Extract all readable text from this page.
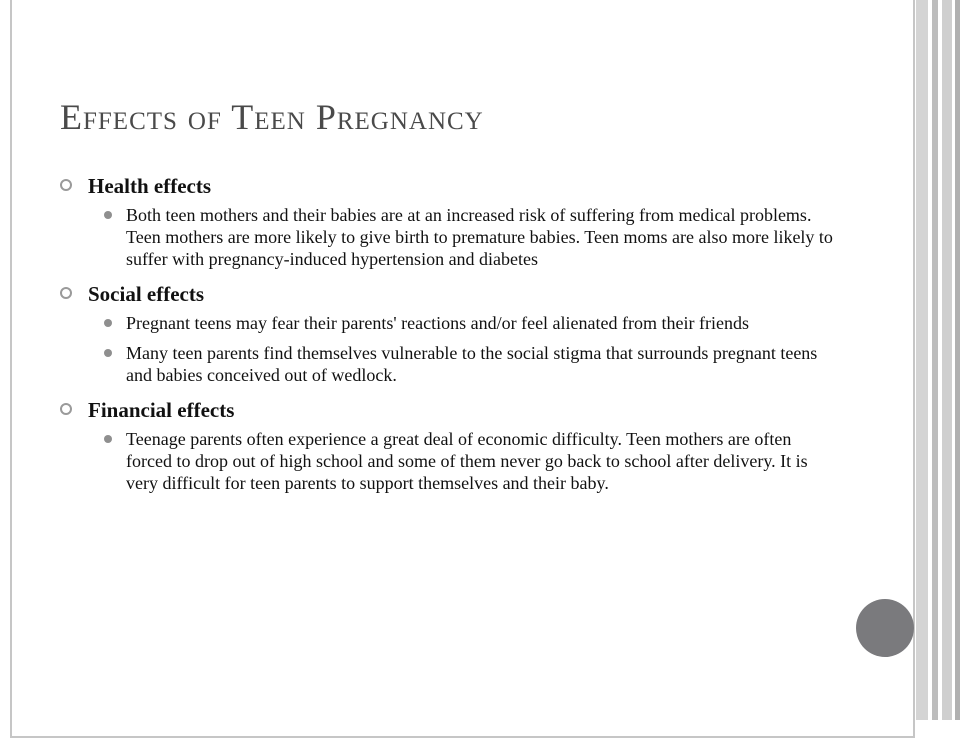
Effects of Teen Pregnancy
Health effects
Both teen mothers and their babies are at an increased risk of suffering from medical problems. Teen mothers are more likely to give birth to premature babies. Teen moms are also more likely to suffer with pregnancy-induced hypertension and diabetes
Social effects
Pregnant teens may fear their parents' reactions and/or feel alienated from their friends
Many teen parents find themselves vulnerable to the social stigma that surrounds pregnant teens and babies conceived out of wedlock.
Financial effects
Teenage parents often experience a great deal of economic difficulty. Teen mothers are often forced to drop out of high school and some of them never go back to school after delivery. It is very difficult for teen parents to support themselves and their baby.
